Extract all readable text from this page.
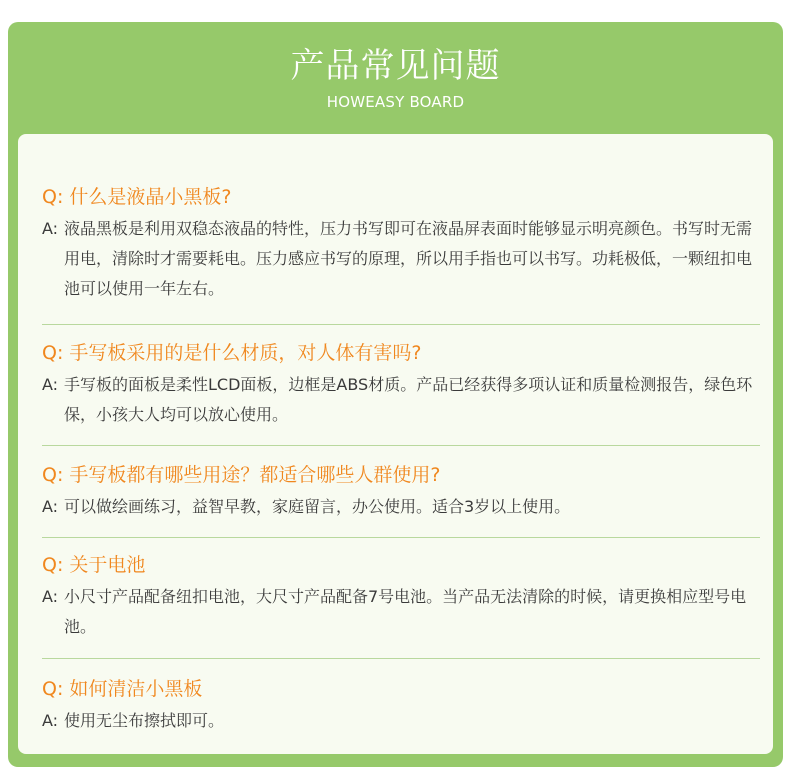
产品常见问题
HOWEASY BOARD
Q: 什么是液晶小黑板?
A: 液晶黑板是利用双稳态液晶的特性，压力书写即可在液晶屏表面时能够显示明亮颜色。书写时无需用电，清除时才需要耗电。压力感应书写的原理，所以用手指也可以书写。功耗极低，一颗纽扣电池可以使用一年左右。
Q: 手写板采用的是什么材质，对人体有害吗?
A: 手写板的面板是柔性LCD面板，边框是ABS材质。产品已经获得多项认证和质量检测报告，绿色环保，小孩大人均可以放心使用。
Q: 手写板都有哪些用途？都适合哪些人群使用?
A: 可以做绘画练习，益智早教，家庭留言，办公使用。适合3岁以上使用。
Q: 关于电池
A: 小尺寸产品配备纽扣电池，大尺寸产品配备7号电池。当产品无法清除的时候，请更换相应型号电池。
Q: 如何清洁小黑板
A: 使用无尘布擦拭即可。
